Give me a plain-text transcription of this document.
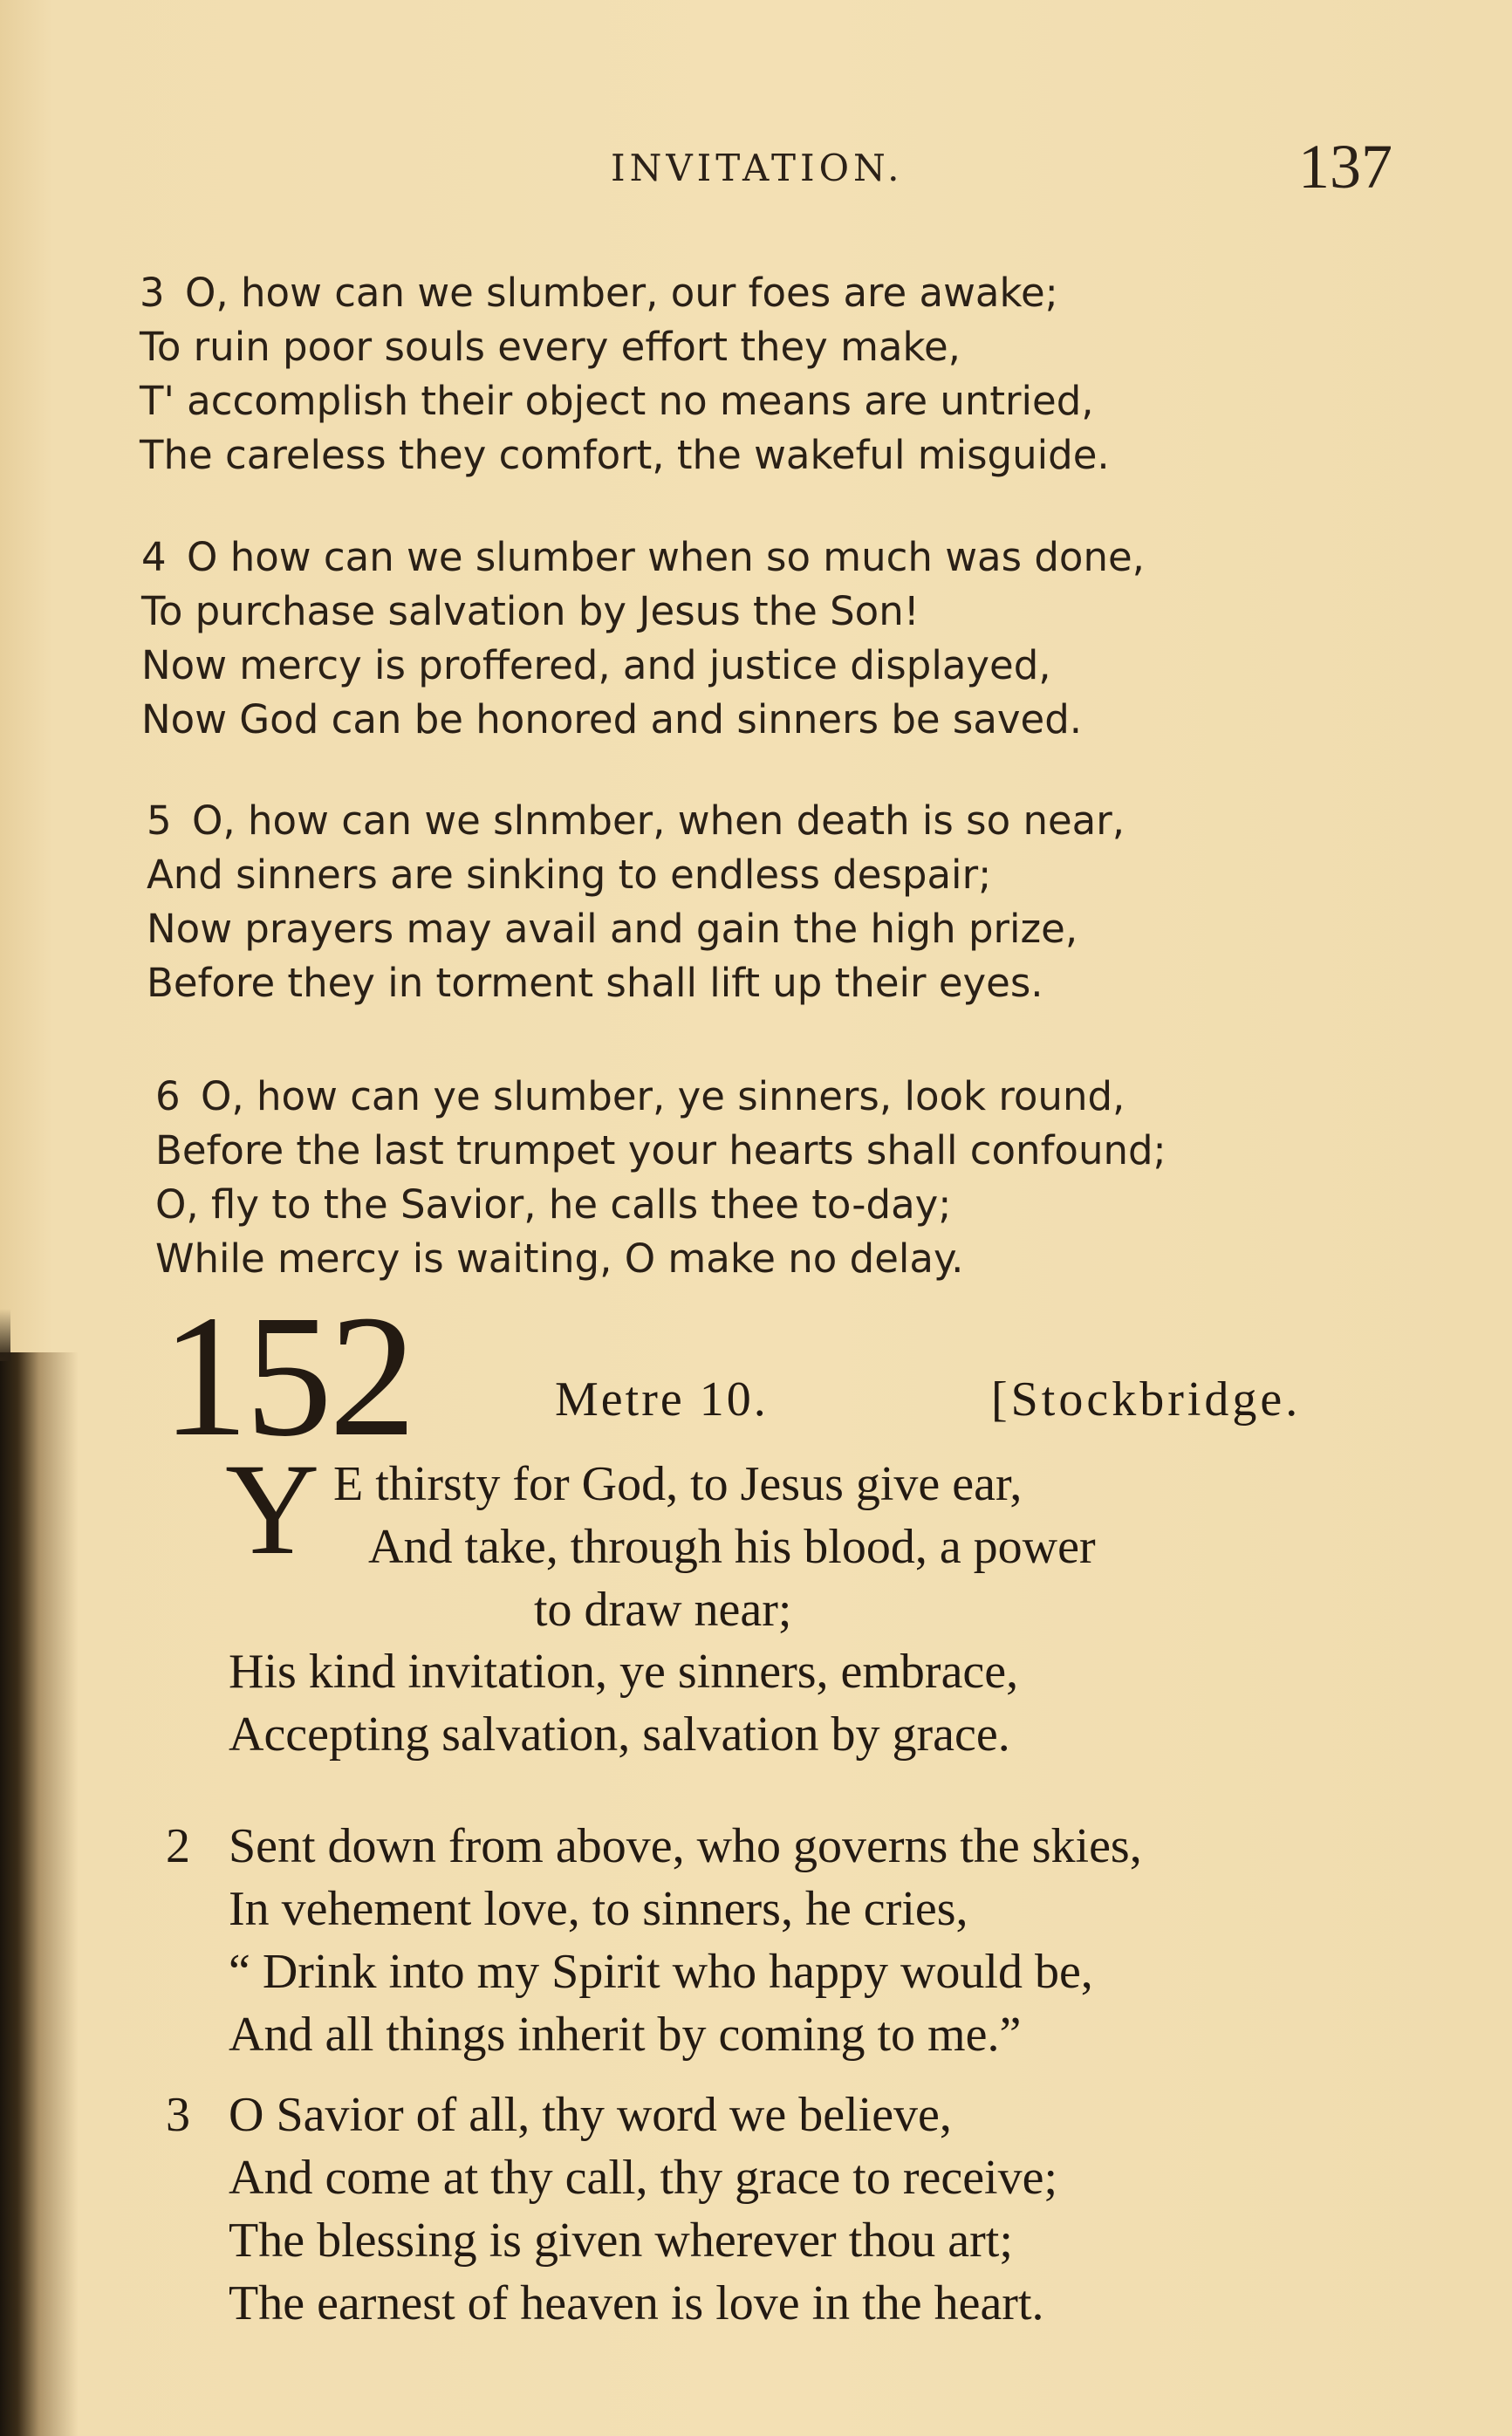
INVITATION.	137
3 O, how can we slumber, our foes are awake;
To ruin poor souls every effort they make,
T' accomplish their object no means are untried,
The careless they comfort, the wakeful misguide.
4 O how can we slumber when so much was done,
To purchase salvation by Jesus the Son!
Now mercy is proffered, and justice displayed,
Now God can be honored and sinners be saved.
5 O, how can we slnmber, when death is so near,
And sinners are sinking to endless despair;
Now prayers may avail and gain the high prize,
Before they in torment shall lift up their eyes.
6 O, how can ye slumber, ye sinners, look round,
Before the last trumpet your hearts shall confound;
O, fly to the Savior, he calls thee to-day;
While mercy is waiting, O make no delay.
152	Metre 10.	[Stockbridge.
Y E thirsty for God, to Jesus give ear,
And take, through his blood, a power
to draw near;
His kind invitation, ye sinners, embrace,
Accepting salvation, salvation by grace.
2 Sent down from above, who governs the skies,
In vehement love, to sinners, he cries,
“ Drink into my Spirit who happy would be,
And all things inherit by coming to me.”
3 O Savior of all, thy word we believe,
And come at thy call, thy grace to receive;
The blessing is given wherever thou art;
The earnest of heaven is love in the heart.
